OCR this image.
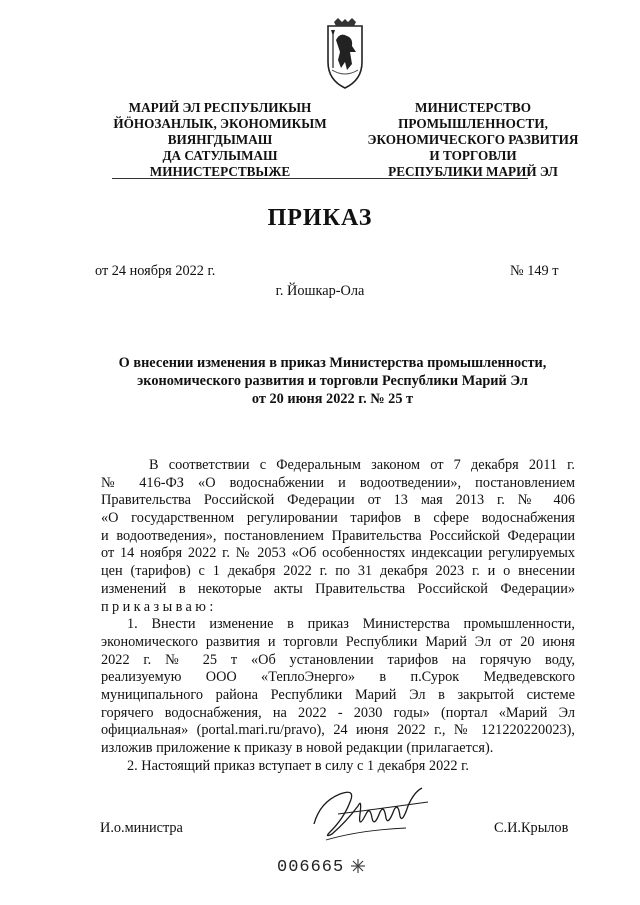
МАРИЙ ЭЛ РЕСПУБЛИКЫН
ЙÖНОЗАНЛЫК, ЭКОНОМИКЫМ
ВИЯНГДЫМАШ
ДА САТУЛЫМАШ
МИНИСТЕРСТВЫЖЕ
МИНИСТЕРСТВО
ПРОМЫШЛЕННОСТИ,
ЭКОНОМИЧЕСКОГО РАЗВИТИЯ
И ТОРГОВЛИ
РЕСПУБЛИКИ МАРИЙ ЭЛ
ПРИКАЗ
от 24 ноября 2022 г.	№ 149 т
г. Йошкар-Ола
О внесении изменения в приказ Министерства промышленности,
экономического развития и торговли Республики Марий Эл
от 20 июня 2022 г. № 25 т
В соответствии с Федеральным законом от 7 декабря 2011 г.
№ 416-ФЗ «О водоснабжении и водоотведении», постановлением
Правительства Российской Федерации от 13 мая 2013 г. № 406
«О государственном регулировании тарифов в сфере водоснабжения
и водоотведения», постановлением Правительства Российской Федерации
от 14 ноября 2022 г. № 2053 «Об особенностях индексации регулируемых
цен (тарифов) с 1 декабря 2022 г. по 31 декабря 2023 г. и о внесении
изменений в некоторые акты Правительства Российской Федерации»
приказываю:
1. Внести изменение в приказ Министерства промышленности,
экономического развития и торговли Республики Марий Эл от 20 июня
2022 г. № 25 т «Об установлении тарифов на горячую воду,
реализуемую ООО «ТеплоЭнерго» в п.Сурок Медведевского
муниципального района Республики Марий Эл в закрытой системе
горячего водоснабжения, на 2022 - 2030 годы» (портал «Марий Эл
официальная» (portal.mari.ru/pravo), 24 июня 2022 г., № 121220220023),
изложив приложение к приказу в новой редакции (прилагается).
2. Настоящий приказ вступает в силу с 1 декабря 2022 г.
И.о.министра	С.И.Крылов
006665
